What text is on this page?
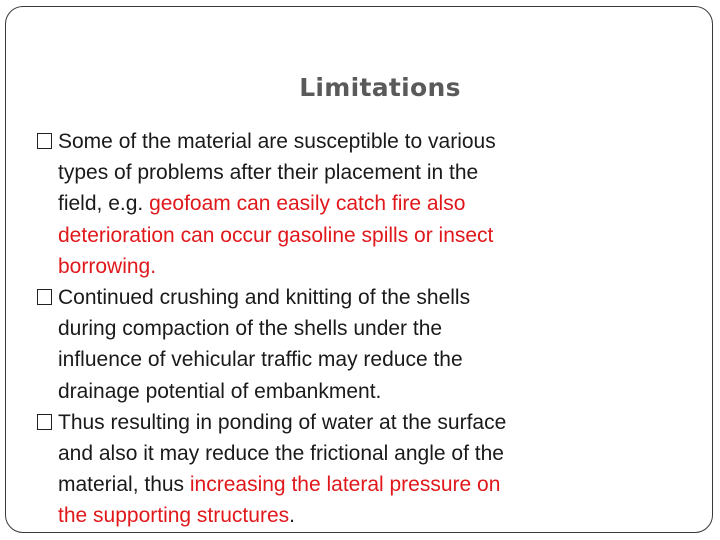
Limitations
Some of the material are susceptible to various
types of problems after their placement in the
field, e.g. geofoam can easily catch fire also
deterioration can occur gasoline spills or insect
borrowing.
Continued crushing and knitting of the shells
during compaction of the shells under the
influence of vehicular traffic may reduce the
drainage potential of embankment.
Thus resulting in ponding of water at the surface
and also it may reduce the frictional angle of the
material, thus increasing the lateral pressure on
the supporting structures.
